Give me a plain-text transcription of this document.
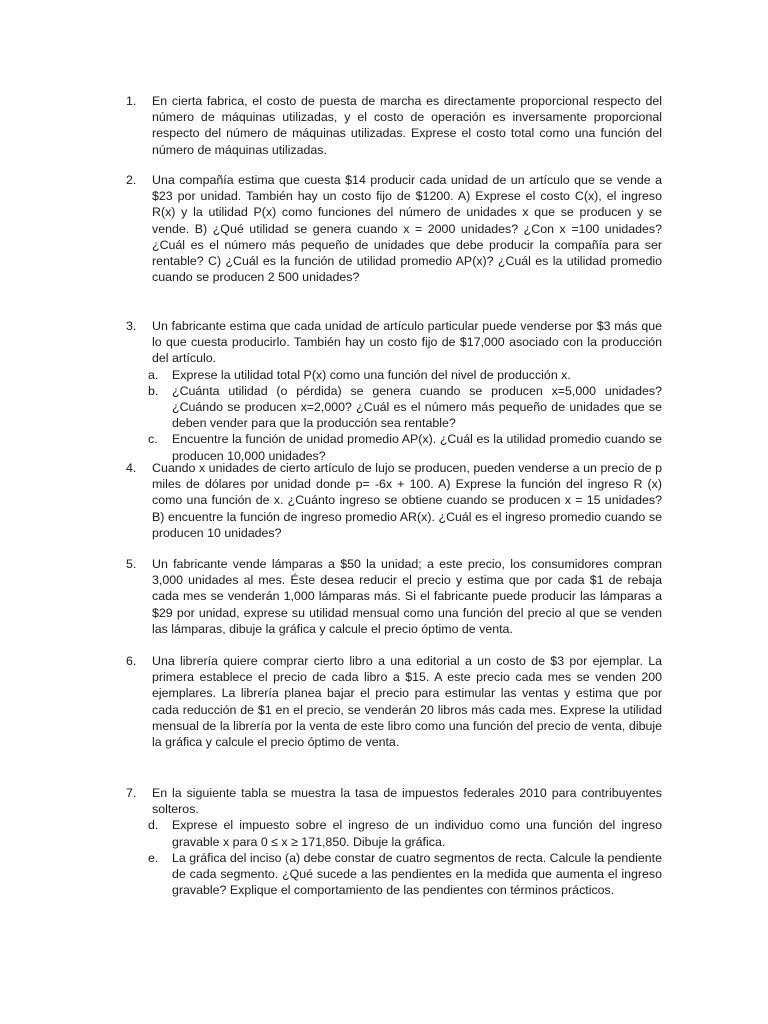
1.	En cierta fabrica, el costo de puesta de marcha es directamente proporcional respecto del número de máquinas utilizadas, y el costo de operación es inversamente proporcional respecto del número de máquinas utilizadas. Exprese el costo total como una función del número de máquinas utilizadas.
2.	Una compañía estima que cuesta $14 producir cada unidad de un artículo que se vende a $23 por unidad. También hay un costo fijo de $1200. A) Exprese el costo C(x), el ingreso R(x) y la utilidad P(x) como funciones del número de unidades x que se producen y se vende. B) ¿Qué utilidad se genera cuando x = 2000 unidades? ¿Con x =100 unidades? ¿Cuál es el número más pequeño de unidades que debe producir la compañía para ser rentable? C) ¿Cuál es la función de utilidad promedio AP(x)? ¿Cuál es la utilidad promedio cuando se producen 2 500 unidades?
3.	Un fabricante estima que cada unidad de artículo particular puede venderse por $3 más que lo que cuesta producirlo. También hay un costo fijo de $17,000 asociado con la producción del artículo.
a. Exprese la utilidad total P(x) como una función del nivel de producción x.
b. ¿Cuánta utilidad (o pérdida) se genera cuando se producen x=5,000 unidades? ¿Cuándo se producen x=2,000? ¿Cuál es el número más pequeño de unidades que se deben vender para que la producción sea rentable?
c. Encuentre la función de unidad promedio AP(x). ¿Cuál es la utilidad promedio cuando se producen 10,000 unidades?
4.	Cuando x unidades de cierto artículo de lujo se producen, pueden venderse a un precio de p miles de dólares por unidad donde p= -6x + 100. A) Exprese la función del ingreso R (x) como una función de x. ¿Cuánto ingreso se obtiene cuando se producen x = 15 unidades? B) encuentre la función de ingreso promedio AR(x). ¿Cuál es el ingreso promedio cuando se producen 10 unidades?
5.	Un fabricante vende lámparas a $50 la unidad; a este precio, los consumidores compran 3,000 unidades al mes. Éste desea reducir el precio y estima que por cada $1 de rebaja cada mes se venderán 1,000 lámparas más. Si el fabricante puede producir las lámparas a $29 por unidad, exprese su utilidad mensual como una función del precio al que se venden las lámparas, dibuje la gráfica y calcule el precio óptimo de venta.
6.	Una librería quiere comprar cierto libro a una editorial a un costo de $3 por ejemplar. La primera establece el precio de cada libro a $15. A este precio cada mes se venden 200 ejemplares. La librería planea bajar el precio para estimular las ventas y estima que por cada reducción de $1 en el precio, se venderán 20 libros más cada mes. Exprese la utilidad mensual de la librería por la venta de este libro como una función del precio de venta, dibuje la gráfica y calcule el precio óptimo de venta.
7.	En la siguiente tabla se muestra la tasa de impuestos federales 2010 para contribuyentes solteros.
d. Exprese el impuesto sobre el ingreso de un individuo como una función del ingreso gravable x para 0 ≤ x ≥ 171,850. Dibuje la gráfica.
e. La gráfica del inciso (a) debe constar de cuatro segmentos de recta. Calcule la pendiente de cada segmento. ¿Qué sucede a las pendientes en la medida que aumenta el ingreso gravable? Explique el comportamiento de las pendientes con términos prácticos.
